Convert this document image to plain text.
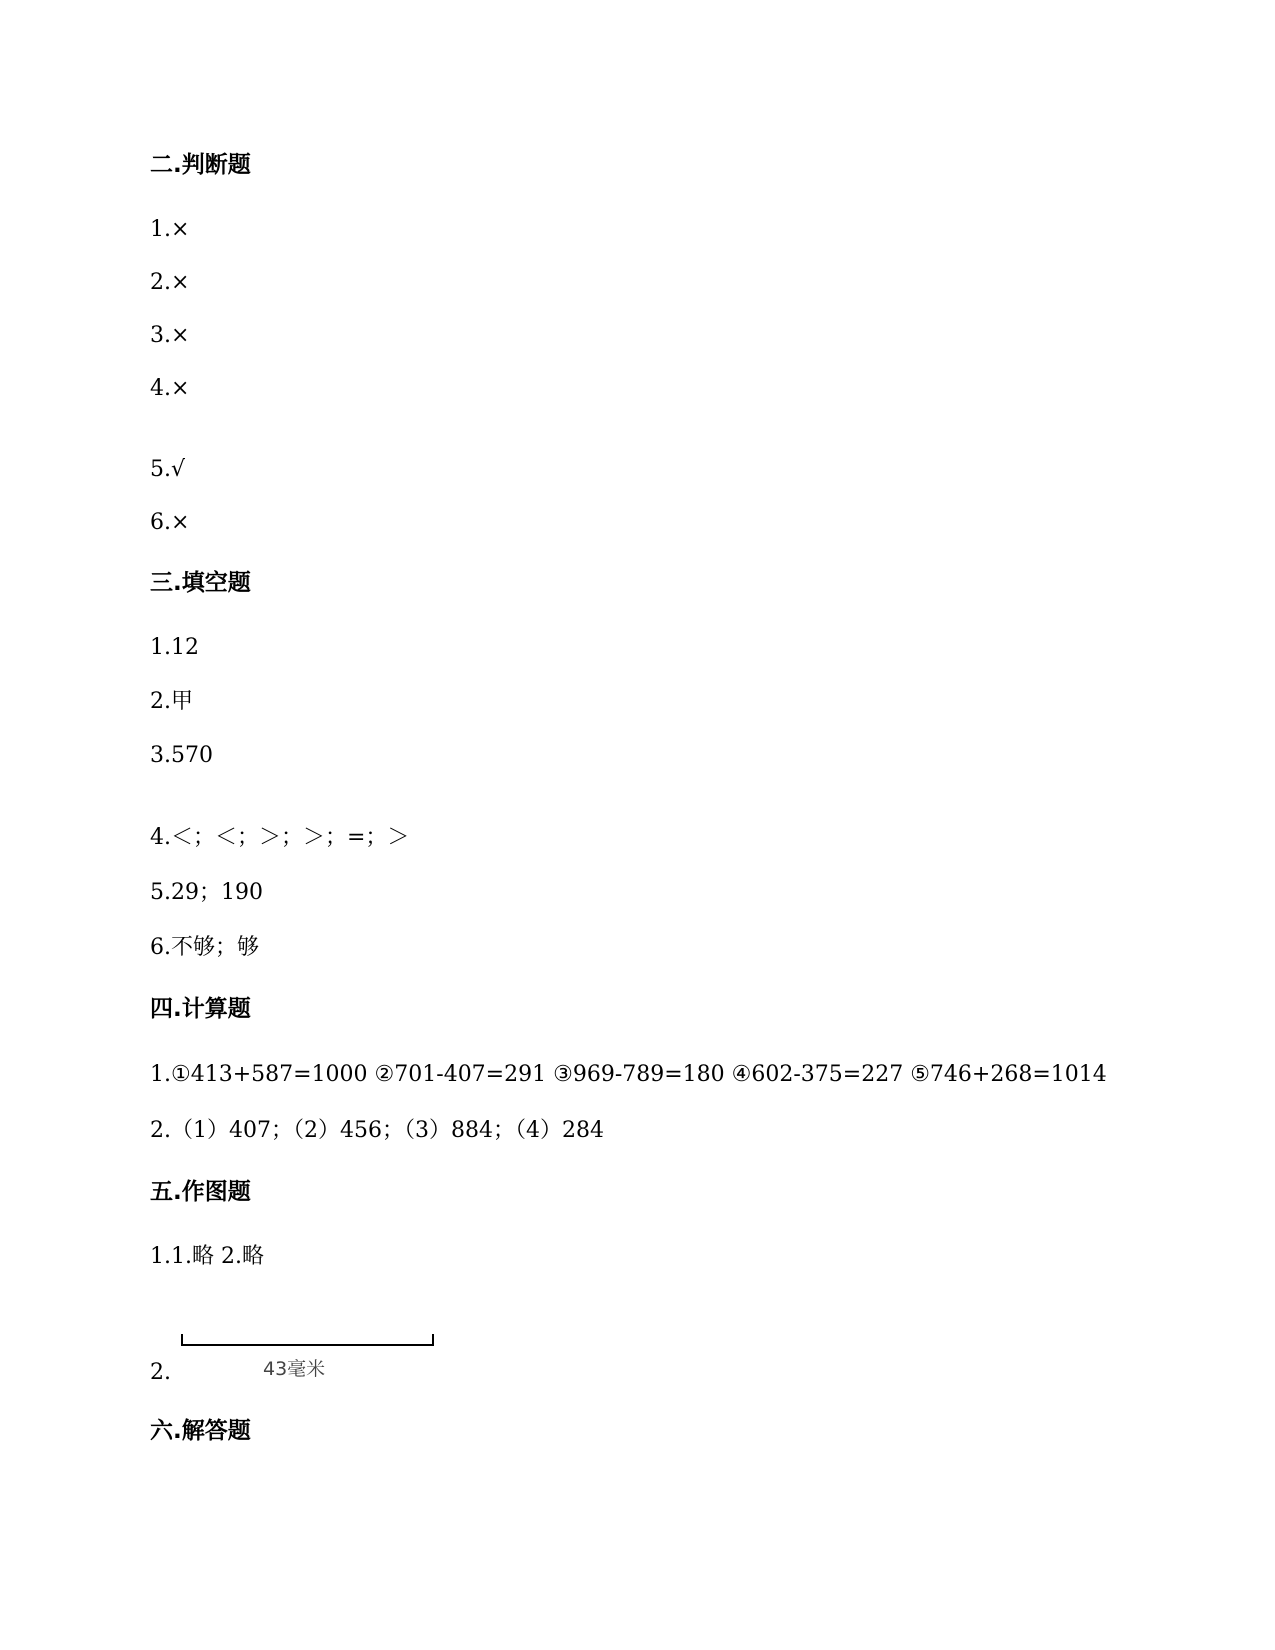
二.判断题
1.×
2.×
3.×
4.×
5.√
6.×
三.填空题
1.12
2.甲
3.570
4.＜；＜；＞；＞；=；＞
5.29；190
6.不够；够
四.计算题
1.①413+587=1000 ②701-407=291 ③969-789=180 ④602-375=227 ⑤746+268=1014
2.（1）407；（2）456；（3）884；（4）284
五.作图题
1.1.略 2.略
2.	43毫米
六.解答题
